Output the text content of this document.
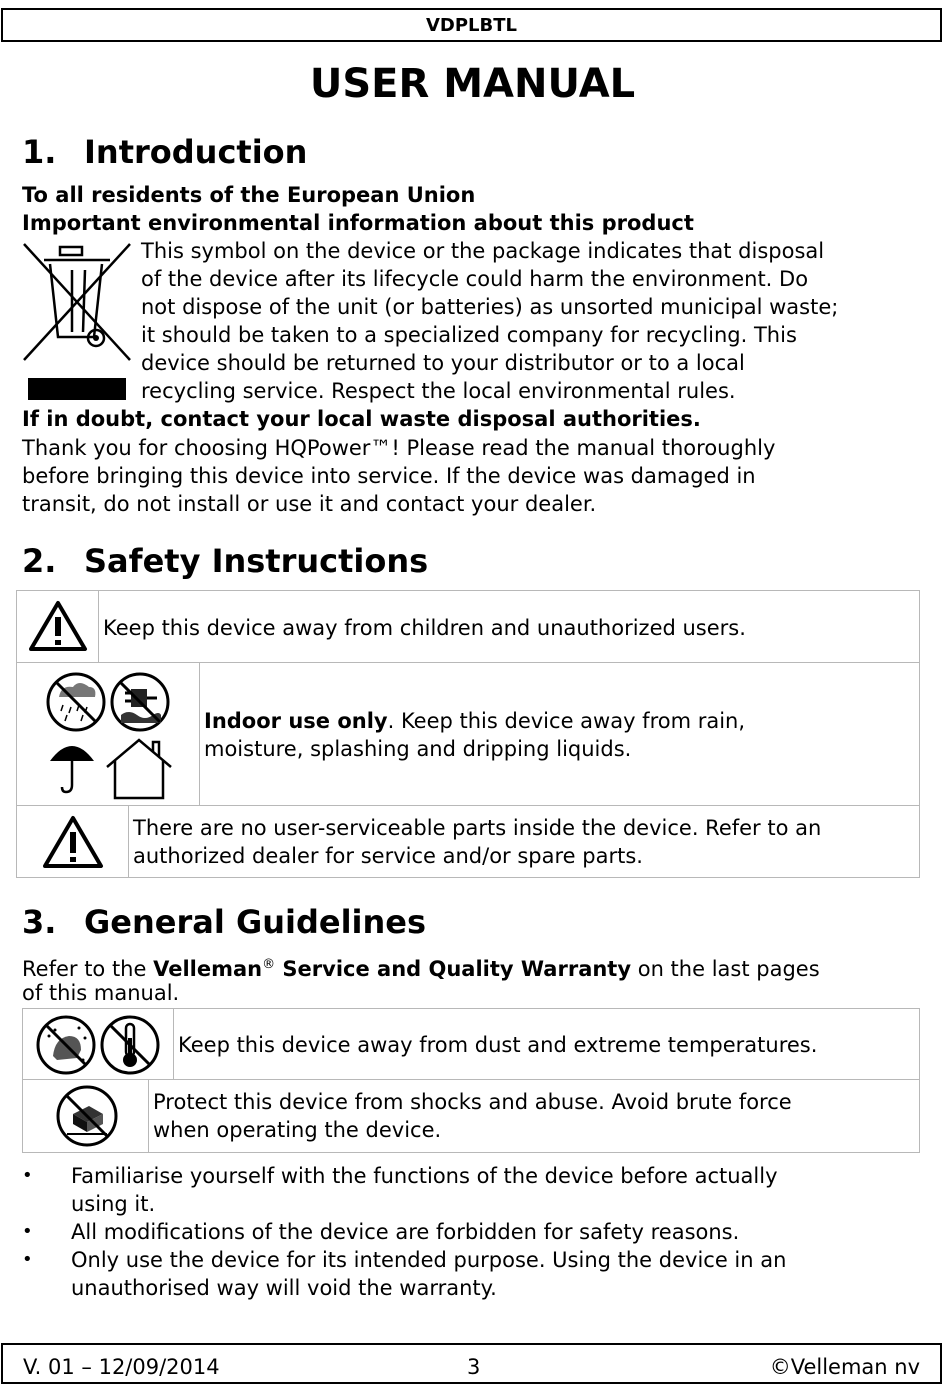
VDPLBTL
USER MANUAL
1. Introduction
To all residents of the European Union
Important environmental information about this product
This symbol on the device or the package indicates that disposal
of the device after its lifecycle could harm the environment. Do
not dispose of the unit (or batteries) as unsorted municipal waste;
it should be taken to a specialized company for recycling. This
device should be returned to your distributor or to a local
recycling service. Respect the local environmental rules.
If in doubt, contact your local waste disposal authorities.
Thank you for choosing HQPower™! Please read the manual thoroughly
before bringing this device into service. If the device was damaged in
transit, do not install or use it and contact your dealer.
2. Safety Instructions
Keep this device away from children and unauthorized users.
Indoor use only. Keep this device away from rain,
moisture, splashing and dripping liquids.
There are no user-serviceable parts inside the device. Refer to an
authorized dealer for service and/or spare parts.
3. General Guidelines
Refer to the Velleman® Service and Quality Warranty on the last pages
of this manual.
Keep this device away from dust and extreme temperatures.
Protect this device from shocks and abuse. Avoid brute force
when operating the device.
• Familiarise yourself with the functions of the device before actually
using it.
• All modifications of the device are forbidden for safety reasons.
• Only use the device for its intended purpose. Using the device in an
unauthorised way will void the warranty.
V. 01 – 12/09/2014	3	©Velleman nv
